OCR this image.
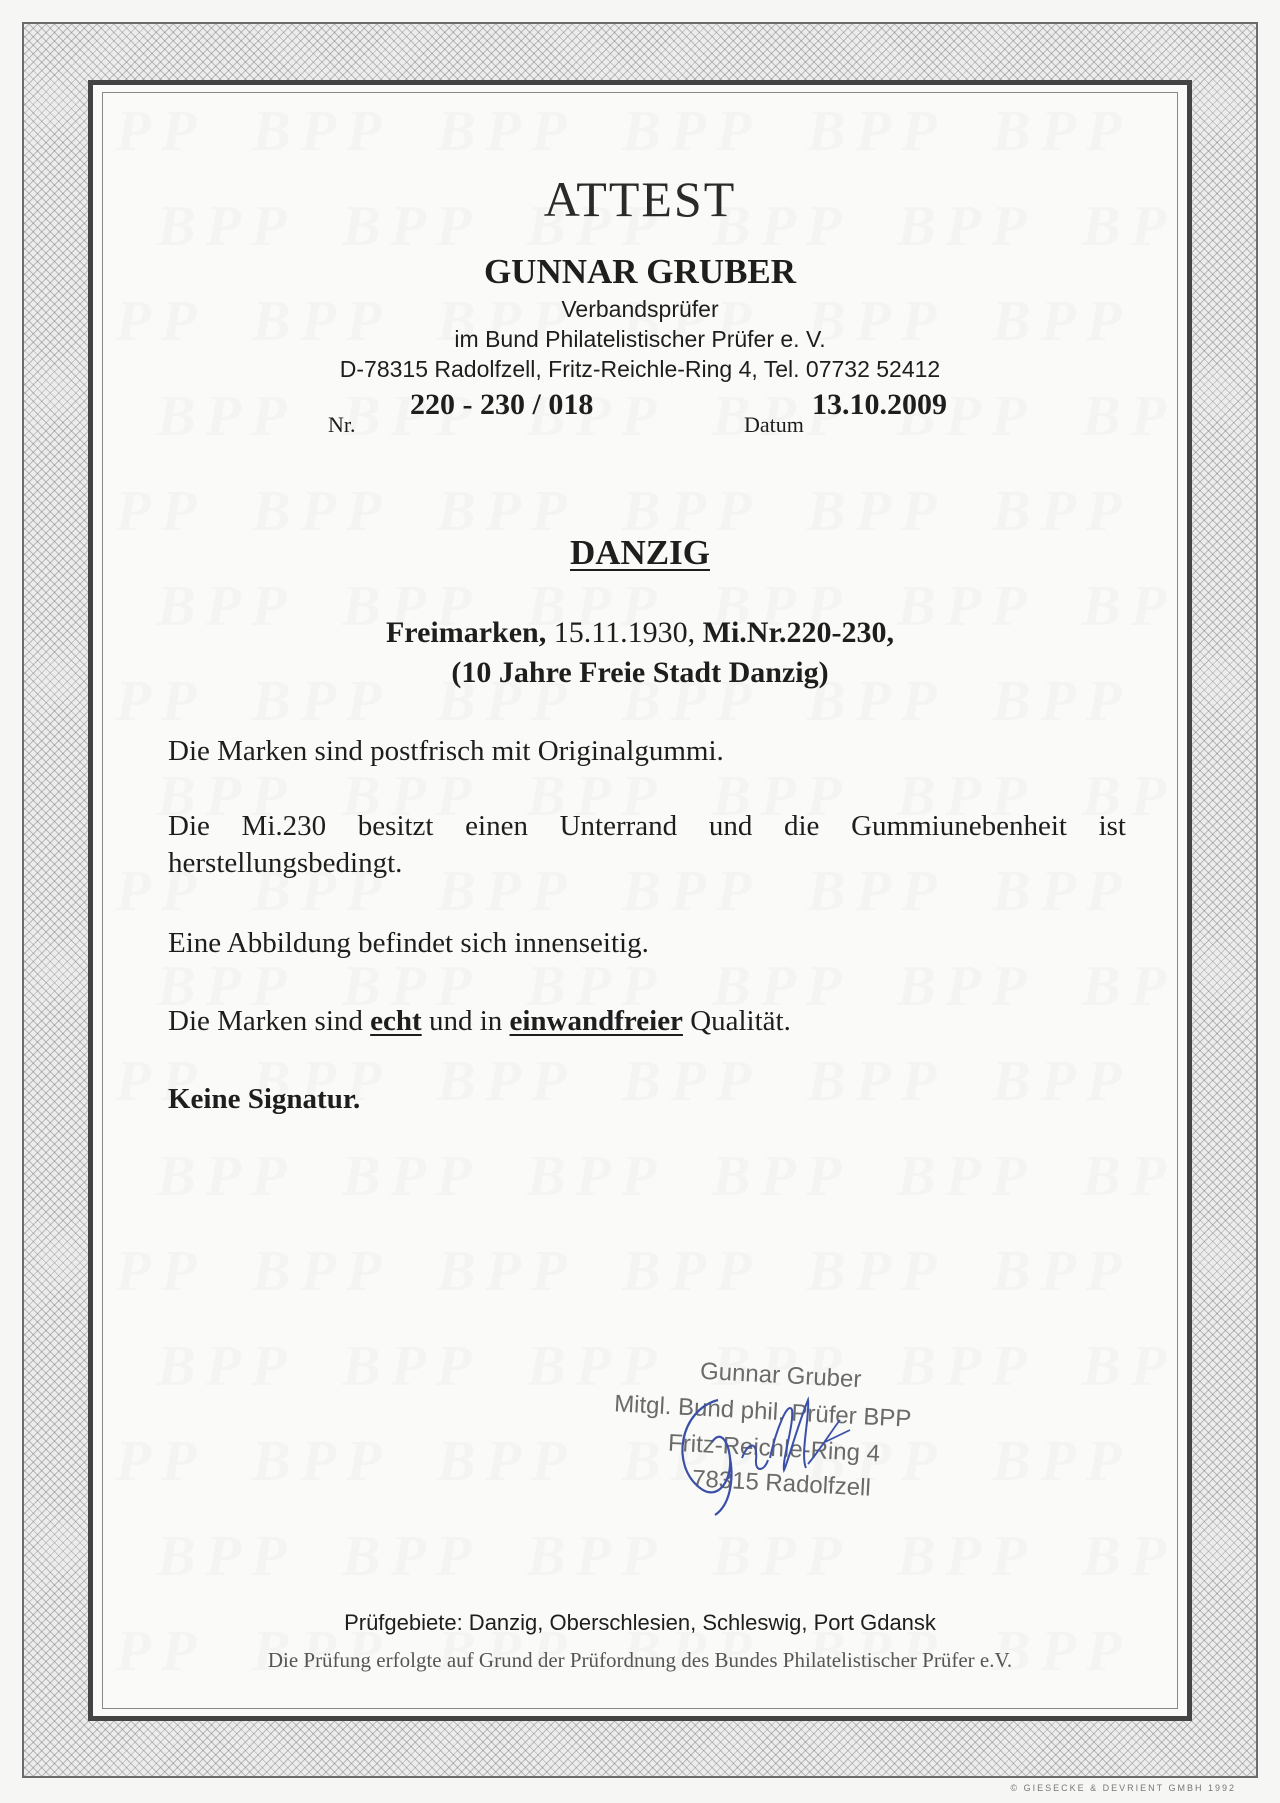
ATTEST
GUNNAR GRUBER
Verbandsprüfer
im Bund Philatelistischer Prüfer e. V.
D-78315 Radolfzell, Fritz-Reichle-Ring 4, Tel. 07732 52412
Nr.
220 - 230 / 018
Datum
13.10.2009
DANZIG
Freimarken, 15.11.1930, Mi.Nr.220-230,
(10 Jahre Freie Stadt Danzig)
Die Marken sind postfrisch mit Originalgummi.
Die Mi.230 besitzt einen Unterrand und die Gummiunebenheit ist herstellungsbedingt.
Eine Abbildung befindet sich innenseitig.
Die Marken sind echt und in einwandfreier Qualität.
Keine Signatur.
Gunnar Gruber
Mitgl. Bund phil. Prüfer BPP
Fritz-Reichle-Ring 4
78315 Radolfzell
Prüfgebiete: Danzig, Oberschlesien, Schleswig, Port Gdansk
Die Prüfung erfolgte auf Grund der Prüfordnung des Bundes Philatelistischer Prüfer e.V.
© GIESECKE & DEVRIENT GMBH 1992
